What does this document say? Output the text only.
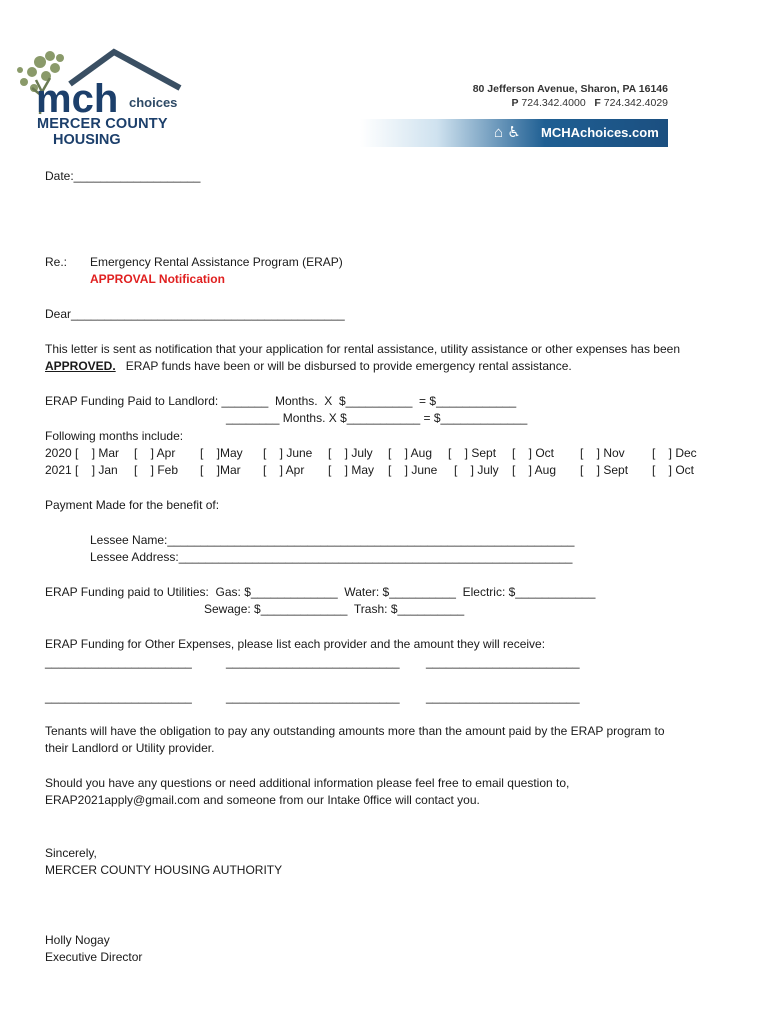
mch choices
MERCER COUNTY
HOUSING
80 Jefferson Avenue, Sharon, PA 16146
P 724.342.4000 F 724.342.4029
⌂ ♿ MCHAchoices.com
Date:___________________
Re.: Emergency Rental Assistance Program (ERAP)
APPROVAL Notification
Dear_________________________________________
This letter is sent as notification that your application for rental assistance, utility assistance or other expenses has been
APPROVED.   ERAP funds have been or will be disbursed to provide emergency rental assistance.
ERAP Funding Paid to Landlord: _______  Months.  X  $__________  = $____________
________ Months. X $___________ = $_____________
Following months include:
2020 [    ] Mar [    ] Apr [    ]May [    ] June [    ] July [    ] Aug [    ] Sept [    ] Oct [    ] Nov [    ] Dec
2021 [    ] Jan [    ] Feb [    ]Mar [    ] Apr [    ] May [    ] June [    ] July [    ] Aug [    ] Sept [    ] Oct
Payment Made for the benefit of:
Lessee Name:_____________________________________________________________
Lessee Address:___________________________________________________________
ERAP Funding paid to Utilities:  Gas: $_____________  Water: $__________  Electric: $____________
Sewage: $_____________  Trash: $__________
ERAP Funding for Other Expenses, please list each provider and the amount they will receive:
______________________	__________________________ _______________________
______________________	__________________________ _______________________
Tenants will have the obligation to pay any outstanding amounts more than the amount paid by the ERAP program to
their Landlord or Utility provider.
Should you have any questions or need additional information please feel free to email question to,
ERAP2021apply@gmail.com and someone from our Intake 0ffice will contact you.
Sincerely,
MERCER COUNTY HOUSING AUTHORITY
Holly Nogay
Executive Director
